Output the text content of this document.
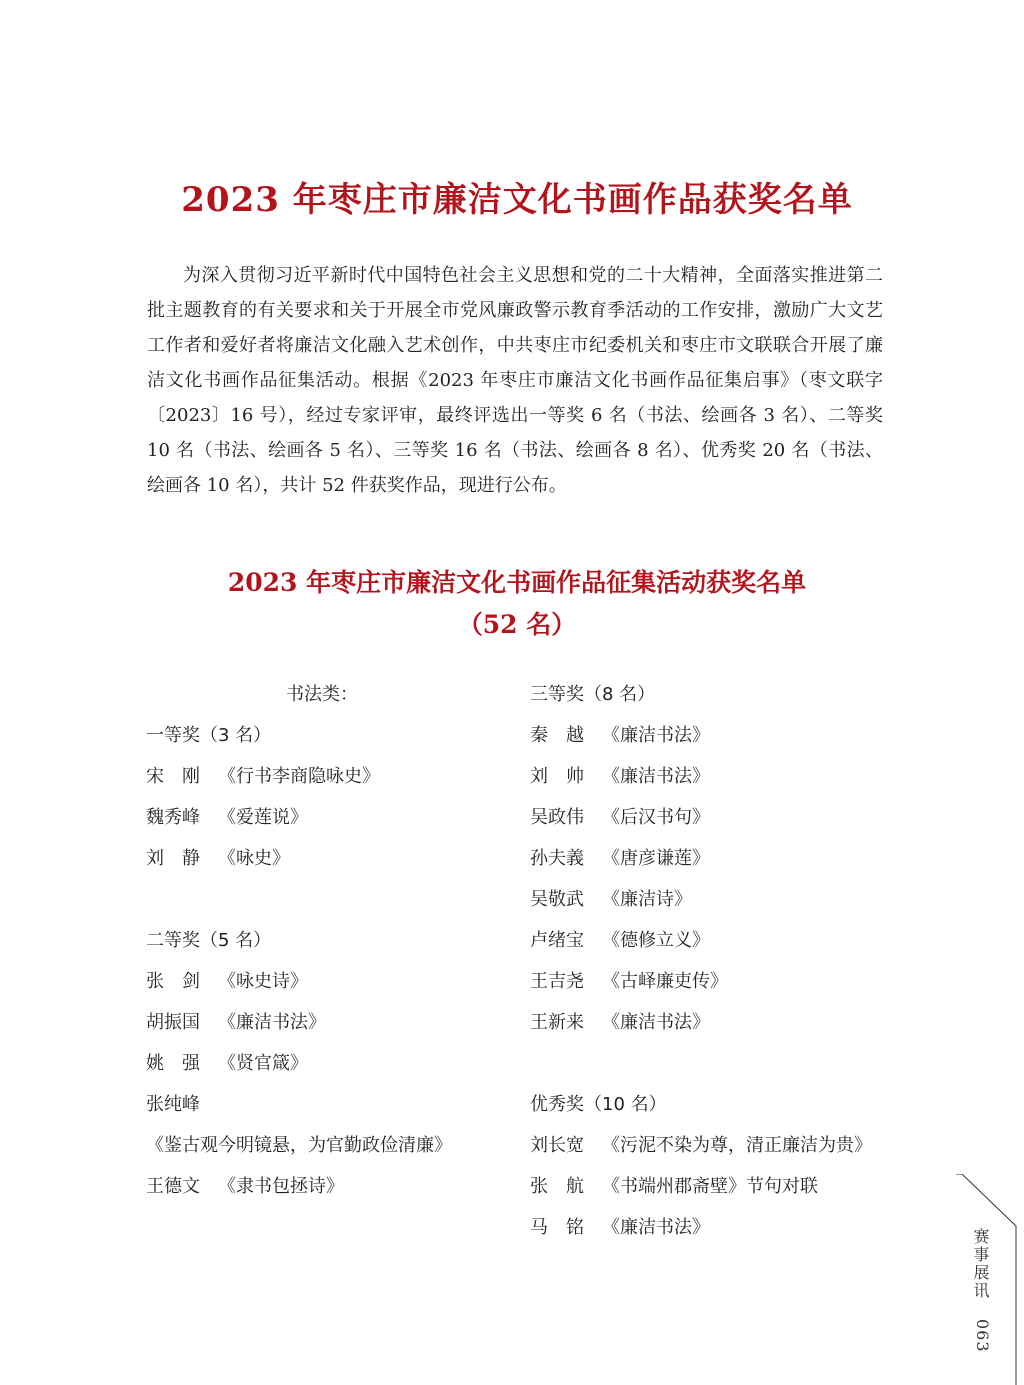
2023 年枣庄市廉洁文化书画作品获奖名单

为深入贯彻习近平新时代中国特色社会主义思想和党的二十大精神，全面落实推进第二批主题教育的有关要求和关于开展全市党风廉政警示教育季活动的工作安排，激励广大文艺工作者和爱好者将廉洁文化融入艺术创作，中共枣庄市纪委机关和枣庄市文联联合开展了廉洁文化书画作品征集活动。根据《2023 年枣庄市廉洁文化书画作品征集启事》（枣文联字〔2023〕16 号），经过专家评审，最终评选出一等奖 6 名（书法、绘画各 3 名）、二等奖 10 名（书法、绘画各 5 名）、三等奖 16 名（书法、绘画各 8 名）、优秀奖 20 名（书法、绘画各 10 名），共计 52 件获奖作品，现进行公布。

2023 年枣庄市廉洁文化书画作品征集活动获奖名单
（52 名）
书法类：
一等奖（3 名）
宋　刚 《行书李商隐咏史》
魏秀峰 《爱莲说》
刘　静 《咏史》
二等奖（5 名）
张　剑 《咏史诗》
胡振国 《廉洁书法》
姚　强 《贤官箴》
张纯峰《鉴古观今明镜悬，为官勤政俭清廉》
王德文 《隶书包拯诗》
三等奖（8 名）
秦　越 《廉洁书法》
刘　帅 《廉洁书法》
吴政伟 《后汉书句》
孙夫義 《唐彦谦莲》
吴敬武 《廉洁诗》
卢绪宝 《德修立义》
王吉尧 《古峄廉吏传》
王新来 《廉洁书法》
优秀奖（10 名）
刘长宽 《污泥不染为尊，清正廉洁为贵》
张　航 《书端州郡斋壁》节句对联
马　铭 《廉洁书法》
赛事展讯
063
